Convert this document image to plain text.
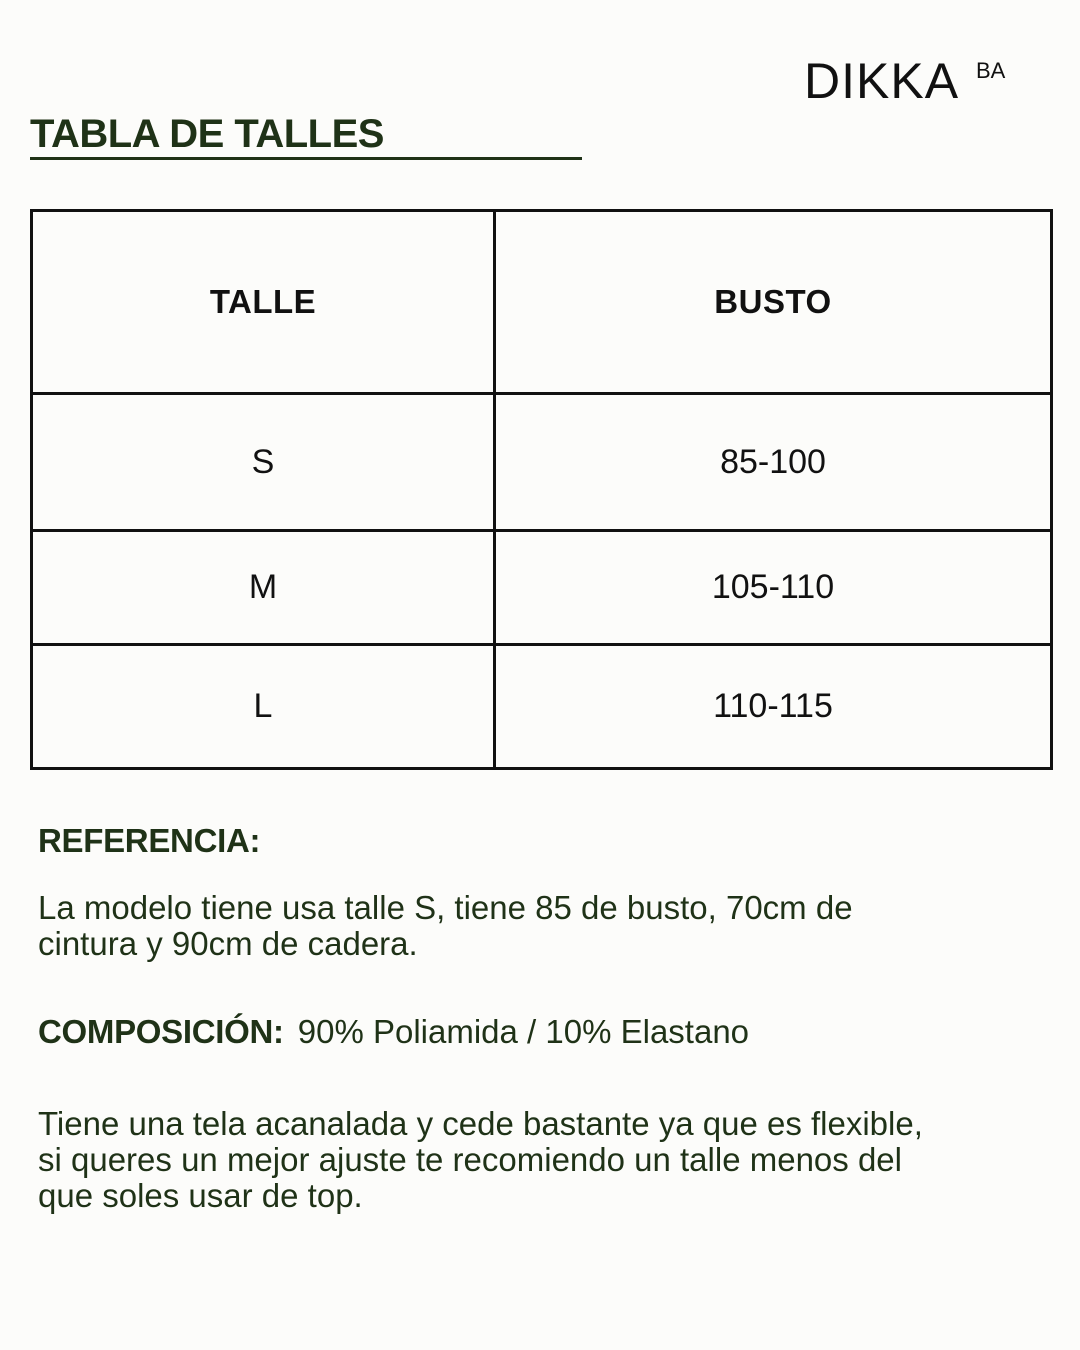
DIKKA BA
TABLA DE TALLES
TALLE	BUSTO
S	85-100
M	105-110
L	110-115
REFERENCIA:
La modelo tiene usa talle S, tiene 85 de busto, 70cm de cintura y 90cm de cadera.
COMPOSICIÓN: 90% Poliamida / 10% Elastano
Tiene una tela acanalada y cede bastante ya que es flexible, si queres un mejor ajuste te recomiendo un talle menos del que soles usar de top.
